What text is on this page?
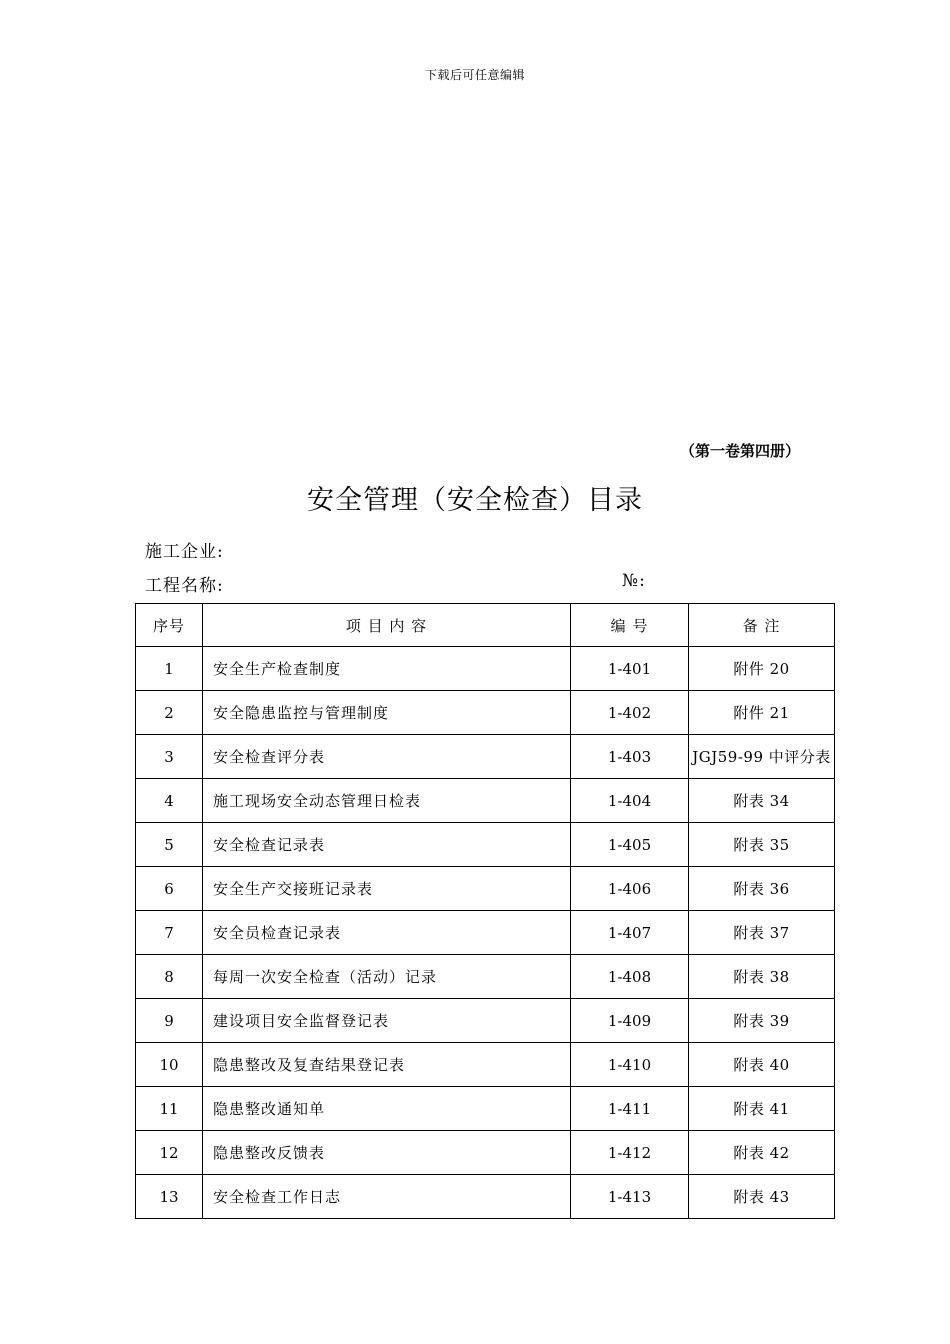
下载后可任意编辑
（第一卷第四册）
安全管理（安全检查）目录
施工企业:
工程名称:	№:
序号	项 目 内 容	编 号	备 注
1	安全生产检查制度	1-401	附件 20
2	安全隐患监控与管理制度	1-402	附件 21
3	安全检查评分表	1-403	JGJ59-99 中评分表
4	施工现场安全动态管理日检表	1-404	附表 34
5	安全检查记录表	1-405	附表 35
6	安全生产交接班记录表	1-406	附表 36
7	安全员检查记录表	1-407	附表 37
8	每周一次安全检查（活动）记录	1-408	附表 38
9	建设项目安全监督登记表	1-409	附表 39
10	隐患整改及复查结果登记表	1-410	附表 40
11	隐患整改通知单	1-411	附表 41
12	隐患整改反馈表	1-412	附表 42
13	安全检查工作日志	1-413	附表 43
